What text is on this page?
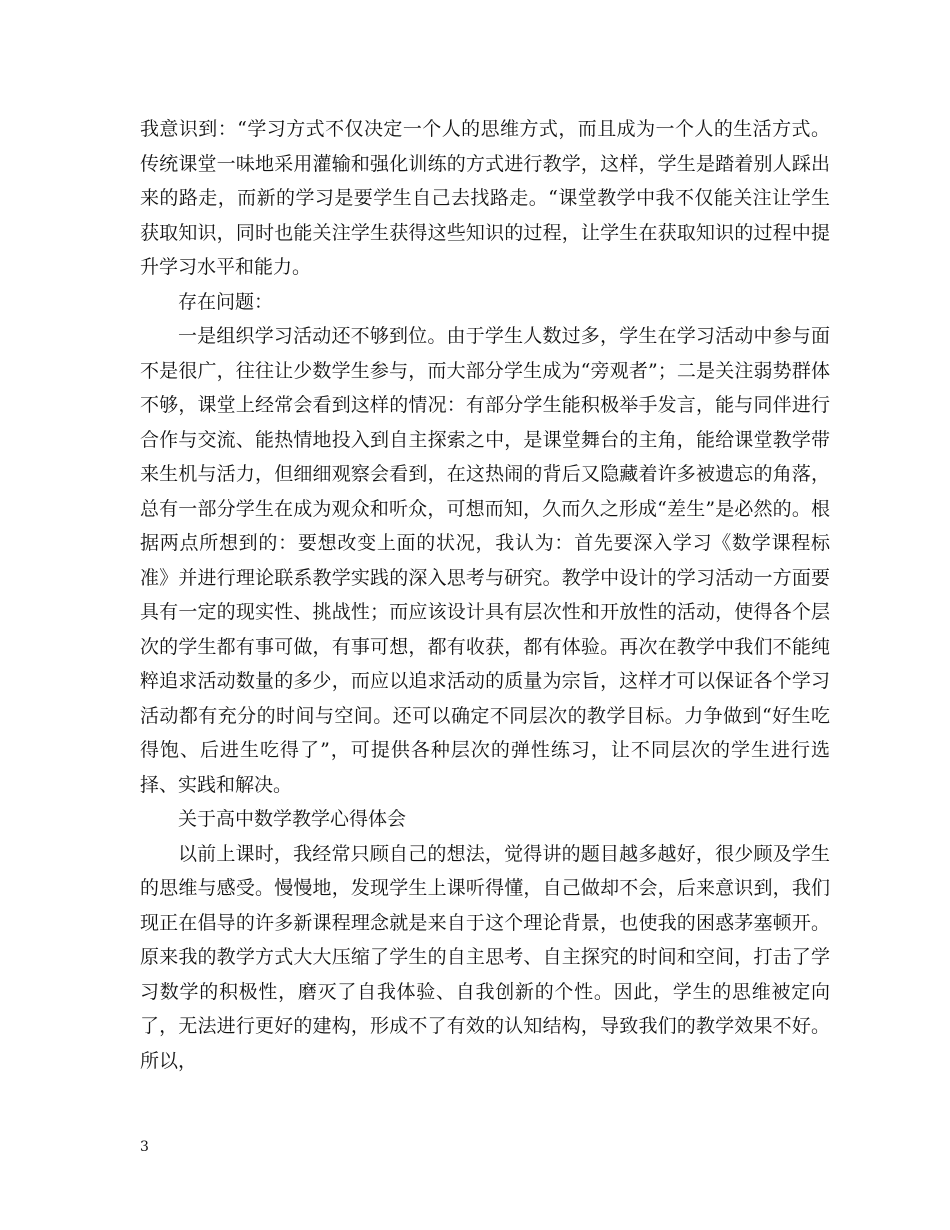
我意识到：“学习方式不仅决定一个人的思维方式，而且成为一个人的生活方式。传统课堂一味地采用灌输和强化训练的方式进行教学，这样，学生是踏着别人踩出来的路走，而新的学习是要学生自己去找路走。“课堂教学中我不仅能关注让学生获取知识，同时也能关注学生获得这些知识的过程，让学生在获取知识的过程中提升学习水平和能力。

存在问题：

一是组织学习活动还不够到位。由于学生人数过多，学生在学习活动中参与面不是很广，往往让少数学生参与，而大部分学生成为“旁观者”；二是关注弱势群体不够，课堂上经常会看到这样的情况：有部分学生能积极举手发言，能与同伴进行合作与交流、能热情地投入到自主探索之中，是课堂舞台的主角，能给课堂教学带来生机与活力，但细细观察会看到，在这热闹的背后又隐藏着许多被遗忘的角落，总有一部分学生在成为观众和听众，可想而知，久而久之形成“差生”是必然的。根据两点所想到的：要想改变上面的状况，我认为：首先要深入学习《数学课程标准》并进行理论联系教学实践的深入思考与研究。教学中设计的学习活动一方面要具有一定的现实性、挑战性；而应该设计具有层次性和开放性的活动，使得各个层次的学生都有事可做，有事可想，都有收获，都有体验。再次在教学中我们不能纯粹追求活动数量的多少，而应以追求活动的质量为宗旨，这样才可以保证各个学习活动都有充分的时间与空间。还可以确定不同层次的教学目标。力争做到“好生吃得饱、后进生吃得了”，可提供各种层次的弹性练习，让不同层次的学生进行选择、实践和解决。

关于高中数学教学心得体会

以前上课时，我经常只顾自己的想法，觉得讲的题目越多越好，很少顾及学生的思维与感受。慢慢地，发现学生上课听得懂，自己做却不会，后来意识到，我们现正在倡导的许多新课程理念就是来自于这个理论背景，也使我的困惑茅塞顿开。原来我的教学方式大大压缩了学生的自主思考、自主探究的时间和空间，打击了学习数学的积极性，磨灭了自我体验、自我创新的个性。因此，学生的思维被定向了，无法进行更好的建构，形成不了有效的认知结构，导致我们的教学效果不好。所以，

3
